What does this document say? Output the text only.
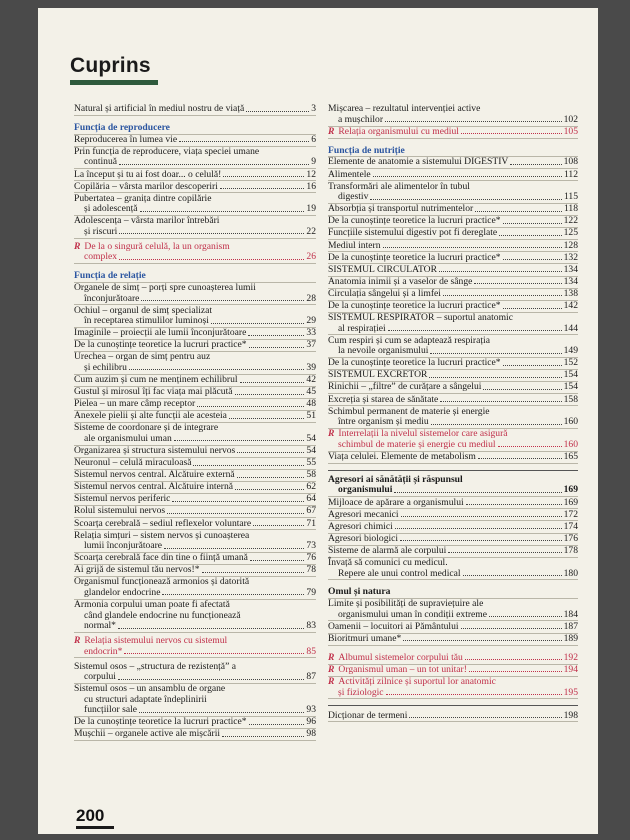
Cuprins
Natural și artificial în mediul nostru de viață	3
Funcția de reproducere
Reproducerea în lumea vie	6
Prin funcția de reproducere, viața speciei umane
continuă	9
La început și tu ai fost doar... o celulă!	12
Copilăria – vârsta marilor descoperiri	16
Pubertatea – granița dintre copilărie
și adolescență	19
Adolescența – vârsta marilor întrebări
și riscuri	22
R De la o singură celulă, la un organism
complex	26
Funcția de relație
Organele de simț – porți spre cunoașterea lumii
înconjurătoare	28
Ochiul – organul de simț specializat
în receptarea stimulilor luminoși	29
Imaginile – proiecții ale lumii înconjurătoare	33
De la cunoștințe teoretice la lucruri practice*	37
Urechea – organ de simț pentru auz
și echilibru	39
Cum auzim și cum ne menținem echilibrul	42
Gustul și mirosul îți fac viața mai plăcută	45
Pielea – un mare câmp receptor	48
Anexele pielii și alte funcții ale acesteia	51
Sisteme de coordonare și de integrare
ale organismului uman	54
Organizarea și structura sistemului nervos	54
Neuronul – celulă miraculoasă	55
Sistemul nervos central. Alcătuire externă	58
Sistemul nervos central. Alcătuire internă	62
Sistemul nervos periferic	64
Rolul sistemului nervos	67
Scoarța cerebrală – sediul reflexelor voluntare	71
Relația simțuri – sistem nervos și cunoașterea
lumii înconjurătoare	73
Scoarța cerebrală face din tine o ființă umană	76
Ai grijă de sistemul tău nervos!*	78
Organismul funcționează armonios și datorită
glandelor endocrine	79
Armonia corpului uman poate fi afectată
când glandele endocrine nu funcționează
normal*	83
R Relația sistemului nervos cu sistemul
endocrin*	85
Sistemul osos – „structura de rezistență” a
corpului	87
Sistemul osos – un ansamblu de organe
cu structuri adaptate îndeplinirii
funcțiilor sale	93
De la cunoștințe teoretice la lucruri practice*	96
Mușchii – organele active ale mișcării	98
Mișcarea – rezultatul intervenției active
a mușchilor	102
R Relația organismului cu mediul	105
Funcția de nutriție
Elemente de anatomie a sistemului DIGESTIV	108
Alimentele	112
Transformări ale alimentelor în tubul
digestiv	115
Absorbția și transportul nutrimentelor	118
De la cunoștințe teoretice la lucruri practice*	122
Funcțiile sistemului digestiv pot fi dereglate	125
Mediul intern	128
De la cunoștințe teoretice la lucruri practice*	132
SISTEMUL CIRCULATOR	134
Anatomia inimii și a vaselor de sânge	134
Circulația sângelui și a limfei	138
De la cunoștințe teoretice la lucruri practice*	142
SISTEMUL RESPIRATOR – suportul anatomic
al respirației	144
Cum respiri și cum se adaptează respirația
la nevoile organismului	149
De la cunoștințe teoretice la lucruri practice*	152
SISTEMUL EXCRETOR	154
Rinichii – „filtre” de curățare a sângelui	154
Excreția și starea de sănătate	158
Schimbul permanent de materie și energie
între organism și mediu	160
R Interrelații la nivelul sistemelor care asigură
schimbul de materie și energie cu mediul	160
Viața celulei. Elemente de metabolism	165
Agresori ai sănătății și răspunsul
organismului	169
Mijloace de apărare a organismului	169
Agresori mecanici	172
Agresori chimici	174
Agresori biologici	176
Sisteme de alarmă ale corpului	178
Învață să comunici cu medicul.
Repere ale unui control medical	180
Omul și natura
Limite și posibilități de supraviețuire ale
organismului uman în condiții extreme	184
Oamenii – locuitori ai Pământului	187
Bioritmuri umane*	189
R Albumul sistemelor corpului tău	192
R Organismul uman – un tot unitar!	194
R Activități zilnice și suportul lor anatomic
și fiziologic	195
Dicționar de termeni	198
200
